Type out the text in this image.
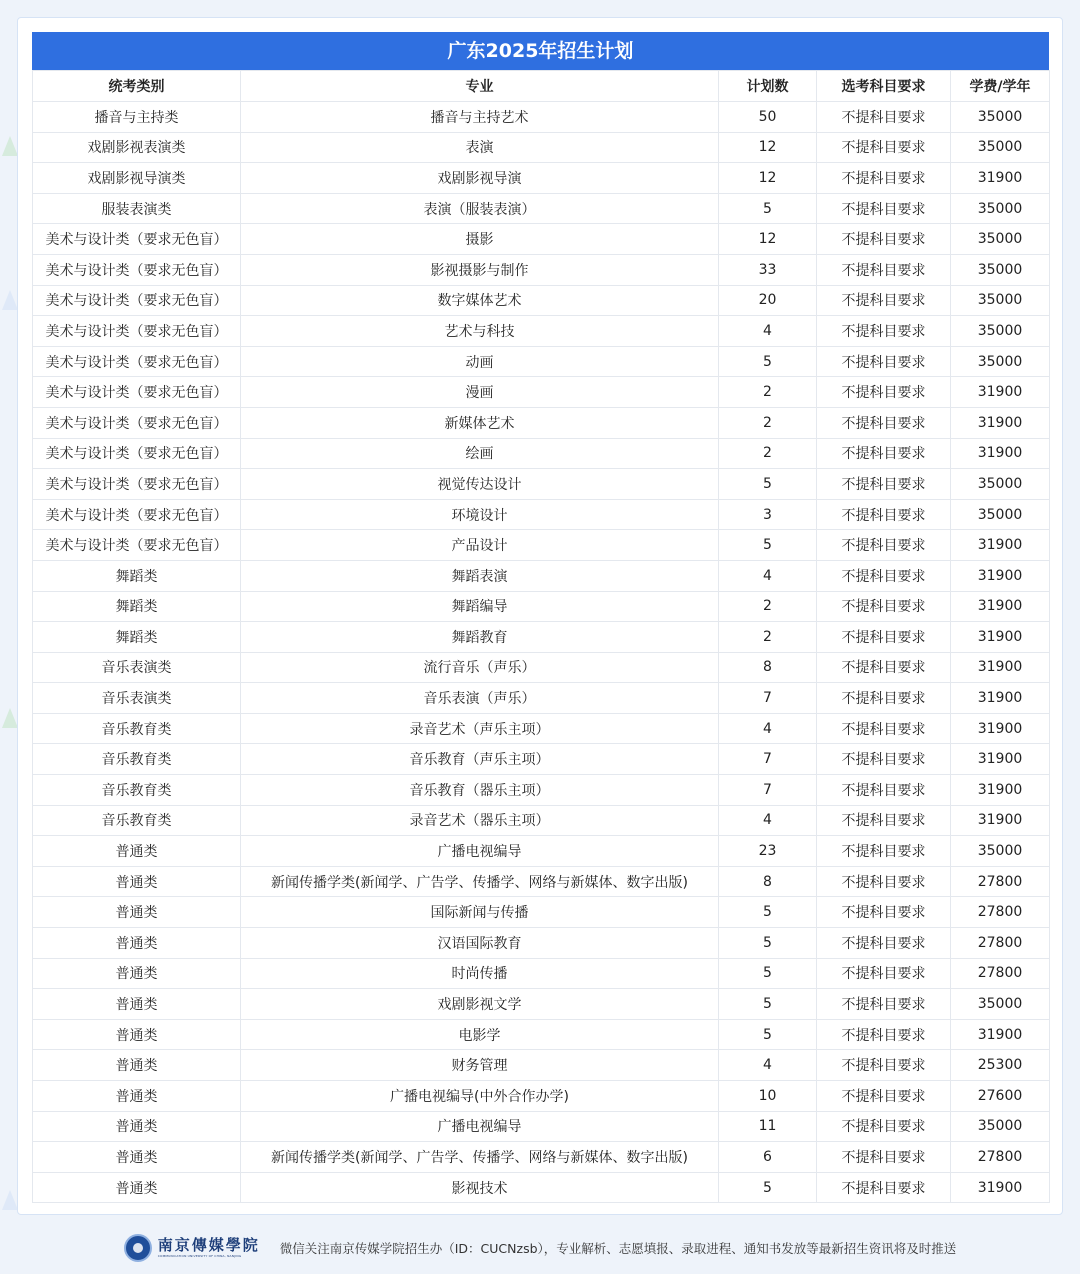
广东2025年招生计划
统考类别	专业	计划数	选考科目要求	学费/学年
播音与主持类	播音与主持艺术	50	不提科目要求	35000
戏剧影视表演类	表演	12	不提科目要求	35000
戏剧影视导演类	戏剧影视导演	12	不提科目要求	31900
服装表演类	表演（服装表演）	5	不提科目要求	35000
美术与设计类（要求无色盲）	摄影	12	不提科目要求	35000
美术与设计类（要求无色盲）	影视摄影与制作	33	不提科目要求	35000
美术与设计类（要求无色盲）	数字媒体艺术	20	不提科目要求	35000
美术与设计类（要求无色盲）	艺术与科技	4	不提科目要求	35000
美术与设计类（要求无色盲）	动画	5	不提科目要求	35000
美术与设计类（要求无色盲）	漫画	2	不提科目要求	31900
美术与设计类（要求无色盲）	新媒体艺术	2	不提科目要求	31900
美术与设计类（要求无色盲）	绘画	2	不提科目要求	31900
美术与设计类（要求无色盲）	视觉传达设计	5	不提科目要求	35000
美术与设计类（要求无色盲）	环境设计	3	不提科目要求	35000
美术与设计类（要求无色盲）	产品设计	5	不提科目要求	31900
舞蹈类	舞蹈表演	4	不提科目要求	31900
舞蹈类	舞蹈编导	2	不提科目要求	31900
舞蹈类	舞蹈教育	2	不提科目要求	31900
音乐表演类	流行音乐（声乐）	8	不提科目要求	31900
音乐表演类	音乐表演（声乐）	7	不提科目要求	31900
音乐教育类	录音艺术（声乐主项）	4	不提科目要求	31900
音乐教育类	音乐教育（声乐主项）	7	不提科目要求	31900
音乐教育类	音乐教育（器乐主项）	7	不提科目要求	31900
音乐教育类	录音艺术（器乐主项）	4	不提科目要求	31900
普通类	广播电视编导	23	不提科目要求	35000
普通类	新闻传播学类(新闻学、广告学、传播学、网络与新媒体、数字出版)	8	不提科目要求	27800
普通类	国际新闻与传播	5	不提科目要求	27800
普通类	汉语国际教育	5	不提科目要求	27800
普通类	时尚传播	5	不提科目要求	27800
普通类	戏剧影视文学	5	不提科目要求	35000
普通类	电影学	5	不提科目要求	31900
普通类	财务管理	4	不提科目要求	25300
普通类	广播电视编导(中外合作办学)	10	不提科目要求	27600
普通类	广播电视编导	11	不提科目要求	35000
普通类	新闻传播学类(新闻学、广告学、传播学、网络与新媒体、数字出版)	6	不提科目要求	27800
普通类	影视技术	5	不提科目要求	31900
南京傳媒學院
COMMUNICATION UNIVERSITY OF CHINA, NANJING	微信关注南京传媒学院招生办（ID：CUCNzsb），专业解析、志愿填报、录取进程、通知书发放等最新招生资讯将及时推送
